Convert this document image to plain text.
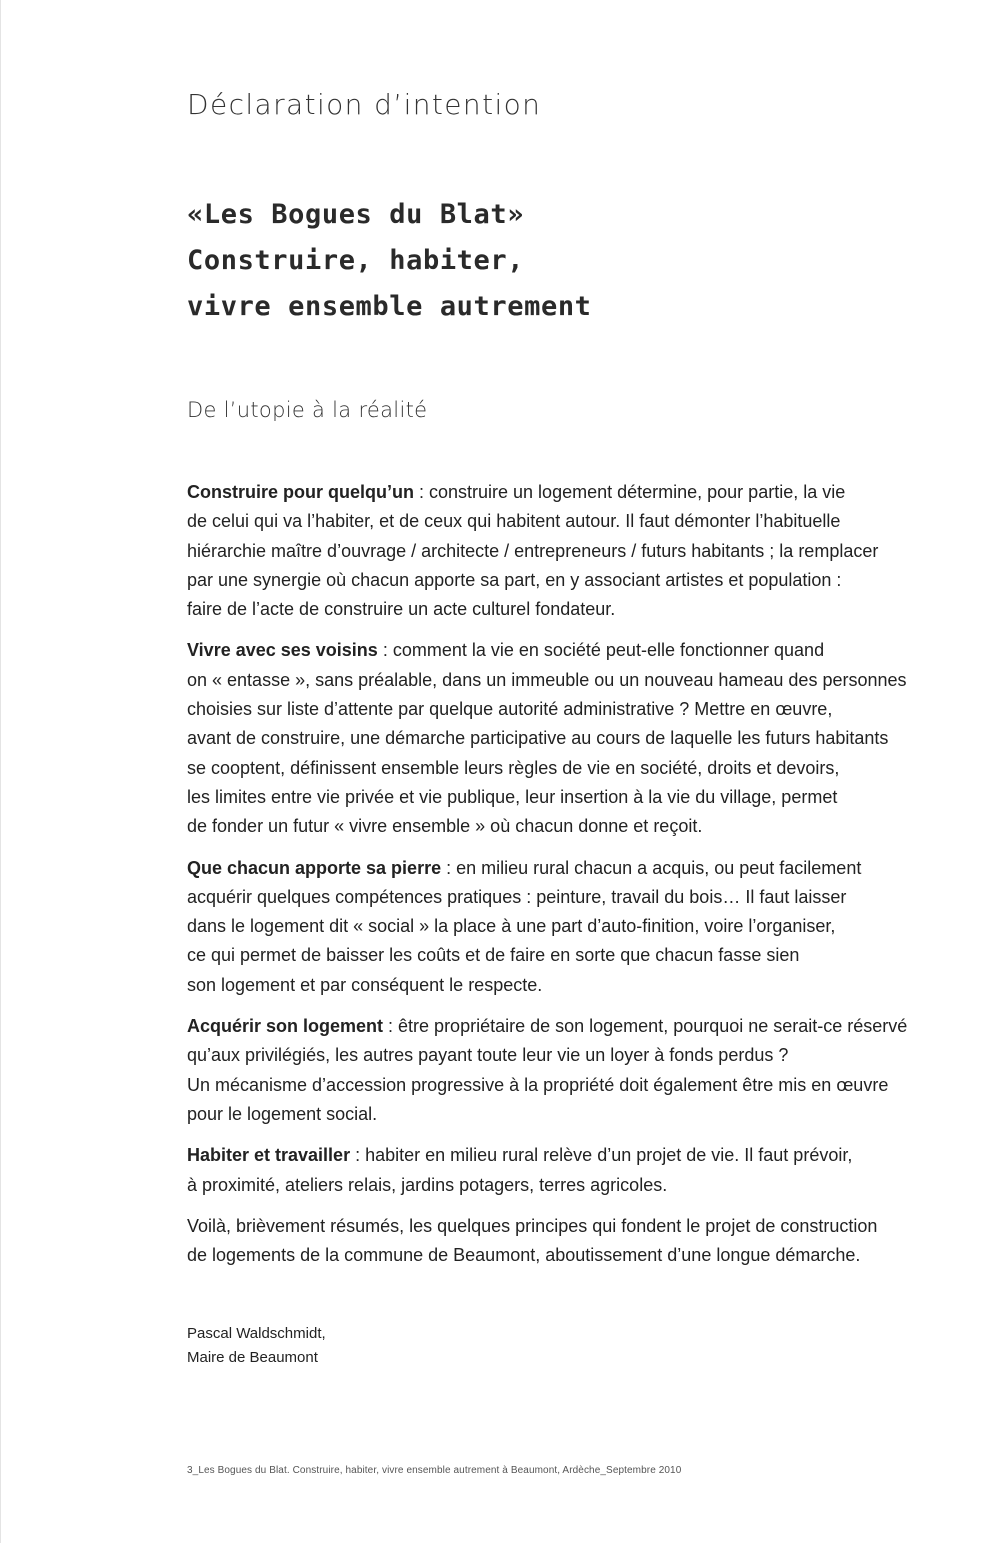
Déclaration d’intention
«Les Bogues du Blat»
Construire, habiter,
vivre ensemble autrement
De l’utopie à la réalité

Construire pour quelqu’un : construire un logement détermine, pour partie, la vie
de celui qui va l’habiter, et de ceux qui habitent autour. Il faut démonter l’habituelle
hiérarchie maître d’ouvrage / architecte / entrepreneurs / futurs habitants ; la remplacer
par une synergie où chacun apporte sa part, en y associant artistes et population :
faire de l’acte de construire un acte culturel fondateur.

Vivre avec ses voisins : comment la vie en société peut-elle fonctionner quand
on « entasse », sans préalable, dans un immeuble ou un nouveau hameau des personnes
choisies sur liste d’attente par quelque autorité administrative ? Mettre en œuvre,
avant de construire, une démarche participative au cours de laquelle les futurs habitants
se cooptent, définissent ensemble leurs règles de vie en société, droits et devoirs,
les limites entre vie privée et vie publique, leur insertion à la vie du village, permet
de fonder un futur « vivre ensemble » où chacun donne et reçoit.

Que chacun apporte sa pierre : en milieu rural chacun a acquis, ou peut facilement
acquérir quelques compétences pratiques : peinture, travail du bois… Il faut laisser
dans le logement dit « social » la place à une part d’auto-finition, voire l’organiser,
ce qui permet de baisser les coûts et de faire en sorte que chacun fasse sien
son logement et par conséquent le respecte.

Acquérir son logement : être propriétaire de son logement, pourquoi ne serait-ce réservé
qu’aux privilégiés, les autres payant toute leur vie un loyer à fonds perdus ?
Un mécanisme d’accession progressive à la propriété doit également être mis en œuvre
pour le logement social.

Habiter et travailler : habiter en milieu rural relève d’un projet de vie. Il faut prévoir,
à proximité, ateliers relais, jardins potagers, terres agricoles.

Voilà, brièvement résumés, les quelques principes qui fondent le projet de construction
de logements de la commune de Beaumont, aboutissement d’une longue démarche.

Pascal Waldschmidt,
Maire de Beaumont
3_Les Bogues du Blat. Construire, habiter, vivre ensemble autrement à Beaumont, Ardèche_Septembre 2010
